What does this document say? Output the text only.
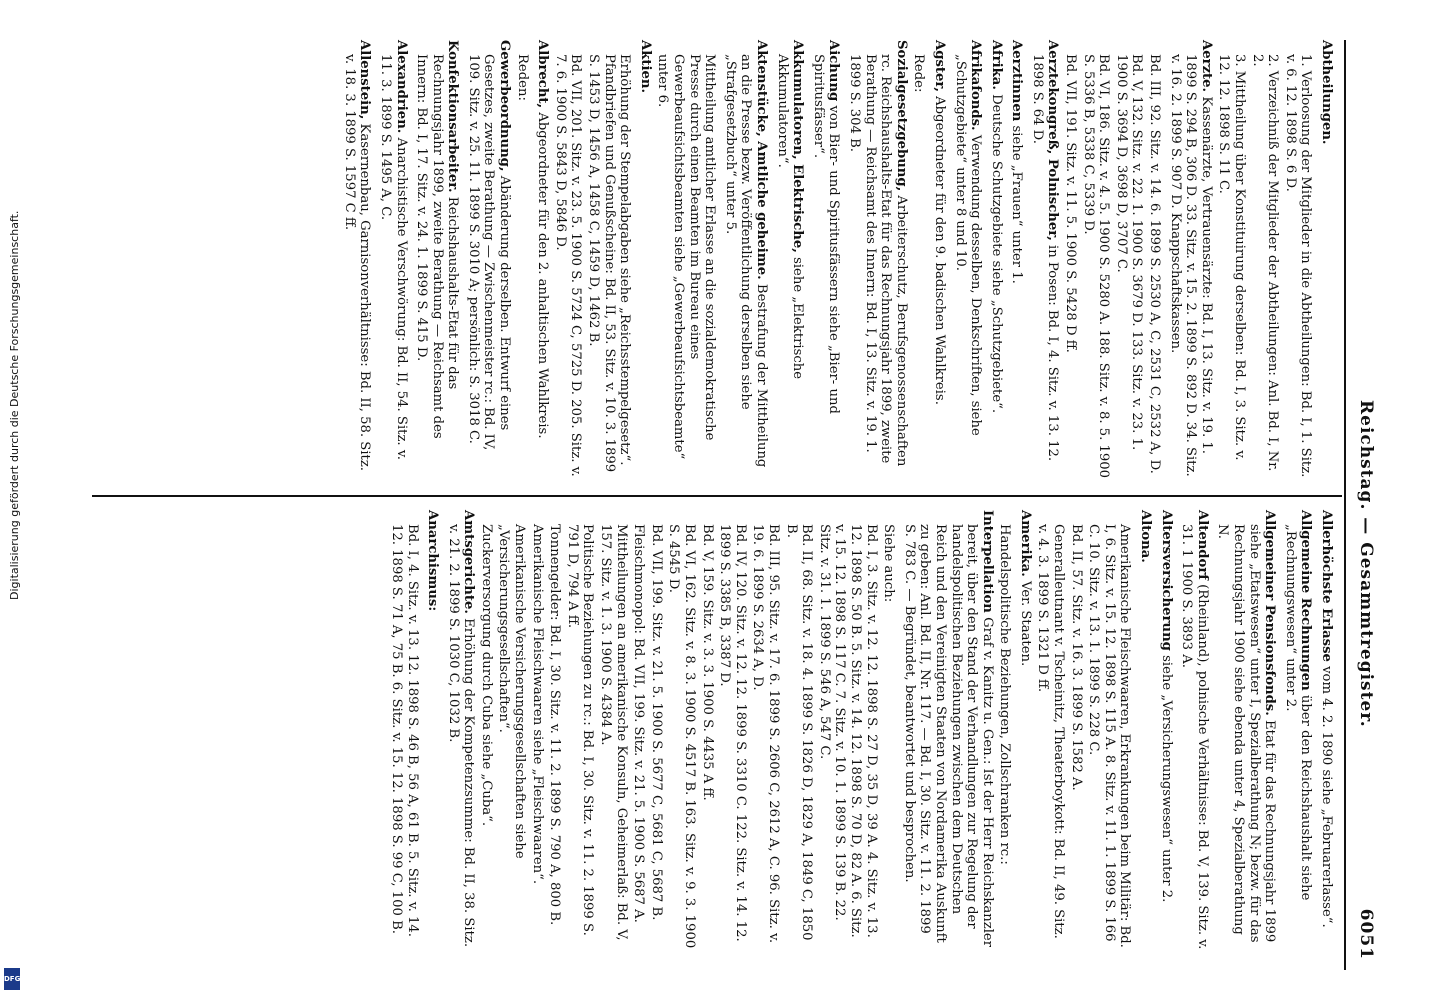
Reichstag. — Gesammtregister.
6051
Abtheilungen.
1. Verloosung der Mitglieder in die Abtheilungen: Bd. I, 1. Sitz. v. 6. 12. 1898 S. 6 D.
2. Verzeichniß der Mitglieder der Abtheilungen: Anl. Bd. I, Nr. 2.
3. Mittheilung über Konstituirung derselben: Bd. I, 3. Sitz. v. 12. 12. 1898 S. 11 C.
Aerzte. Kassenärzte, Vertrauensärzte: Bd. I, 13. Sitz. v. 19. 1. 1899 S. 294 B, 306 D. 33. Sitz. v. 15. 2. 1899 S. 892 D. 34. Sitz. v. 16. 2. 1899 S. 907 D. Knappschaftskassen.
Bd. III, 92. Sitz. v. 14. 6. 1899 S. 2530 A, C, 2531 C, 2532 A, D.
Bd. V, 132. Sitz. v. 22. 1. 1900 S. 3679 D. 133. Sitz. v. 23. 1. 1900 S. 3694 D, 3698 D, 3707 C.
Bd. VI, 186. Sitz. v. 4. 5. 1900 S. 5280 A. 188. Sitz. v. 8. 5. 1900 S. 5336 B, 5338 C, 5339 D.
Bd. VII, 191. Sitz. v. 11. 5. 1900 S. 5428 D ff.
Aerztekongreß, Polnischer, in Posen: Bd. I, 4. Sitz. v. 13. 12. 1898 S. 64 D.
Aerztinnen siehe „Frauen“ unter 1.
Afrika. Deutsche Schutzgebiete siehe „Schutzgebiete“.
Afrikafonds. Verwendung desselben, Denkschriften, siehe „Schutzgebiete“ unter 8 und 10.
Agster, Abgeordneter für den 9. badischen Wahlkreis.
Rede:
Sozialgesetzgebung, Arbeiterschutz, Berufsgenossenschaften rc. Reichshaushalts-Etat für das Rechnungsjahr 1899, zweite Berathung — Reichsamt des Innern: Bd. I, 13. Sitz. v. 19. 1. 1899 S. 304 B.
Aichung von Bier- und Spiritusfässern siehe „Bier- und Spiritusfässer“.
Akkumulatoren, Elektrische, siehe „Elektrische Akkumulatoren“.
Aktenstücke, Amtliche geheime. Bestrafung der Mittheilung an die Presse bezw. Veröffentlichung derselben siehe „Strafgesetzbuch“ unter 5.
Mittheilung amtlicher Erlasse an die sozialdemokratische Presse durch einen Beamten im Bureau eines Gewerbeaufsichtsbeamten siehe „Gewerbeaufsichtsbeamte“ unter 6.
Aktien.
Erhöhung der Stempelabgaben siehe „Reichsstempelgesetz“. Pfandbriefen und Genußscheine: Bd. II, 53. Sitz. v. 10. 3. 1899 S. 1453 D, 1456 A, 1458 C, 1459 D, 1462 B.
Bd. VII, 201. Sitz. v. 23. 5. 1900 S. 5724 C, 5725 D. 205. Sitz. v. 7. 6. 1900 S. 5843 D, 5846 D.
Albrecht, Abgeordneter für den 2. anhaltischen Wahlkreis.
Reden:
Gewerbeordnung, Abänderung derselben. Entwurf eines Gesetzes, zweite Berathung — Zwischenmeister rc.: Bd. IV, 109. Sitz. v. 25. 11. 1899 S. 3010 A; persönlich: S. 3018 C.
Konfektionsarbeiter. Reichshaushalts-Etat für das Rechnungsjahr 1899, zweite Berathung — Reichsamt des Innern: Bd. I, 17. Sitz. v. 24. 1. 1899 S. 415 D.
Alexandrien. Anarchistische Verschwörung: Bd. II, 54. Sitz. v. 11. 3. 1899 S. 1495 A, C.
Allenstein, Kasernenbau, Garnisonverhältnisse: Bd. II, 58. Sitz. v. 18. 3. 1899 S. 1597 C ff.
Allerhöchste Erlasse vom 4. 2. 1890 siehe „Februarerlasse“.
Allgemeine Rechnungen über den Reichshaushalt siehe „Rechnungswesen“ unter 2.
Allgemeiner Pensionsfonds. Etat für das Rechnungsjahr 1899 siehe „Etatswesen“ unter I, Spezialberathung N; bezw. für das Rechnungsjahr 1900 siehe ebenda unter 4, Spezialberathung N.
Altendorf (Rheinland), polnische Verhältnisse: Bd. V, 139. Sitz. v. 31. 1 1900 S. 3893 A.
Altersversicherung siehe „Versicherungswesen“ unter 2.
Altona.
Amerikanische Fleischwaaren, Erkrankungen beim Militär: Bd. I, 6. Sitz. v. 15. 12. 1898 S. 115 A. 8. Sitz. v. 11. 1. 1899 S. 166 C. 10. Sitz. v. 13. 1. 1899 S. 228 C.
Bd. II, 57. Sitz. v. 16. 3. 1899 S. 1582 A.
Generalleutnant v. Tscheinitz, Theaterboykott: Bd. II, 49. Sitz. v. 4. 3. 1899 S. 1321 D ff.
Amerika. Ver. Staaten.
Handelspolitische Beziehungen, Zollschranken rc.:
Interpellation Graf v. Kanitz u. Gen.: Ist der Herr Reichskanzler bereit, über den Stand der Verhandlungen zur Regelung der handelspolitischen Beziehungen zwischen dem Deutschen Reich und den Vereinigten Staaten von Nordamerika Auskunft zu geben: Anl. Bd. II, Nr. 117. — Bd. I, 30. Sitz. v. 11. 2. 1899 S. 783 C. — Begründet, beantwortet und besprochen.
Siehe auch:
Bd. I, 3. Sitz. v. 12. 12. 1898 S. 27 D, 35 D, 39 A. 4. Sitz. v. 13. 12. 1898 S. 50 B. 5. Sitz. v. 14. 12. 1898 S. 70 D, 82 A. 6. Sitz. v. 15. 12. 1898 S. 117 C. 7. Sitz. v. 10. 1. 1899 S. 139 B. 22. Sitz. v. 31. 1. 1899 S. 546 A, 547 C.
Bd. II, 68. Sitz. v. 18. 4. 1899 S. 1826 D, 1829 A, 1849 C, 1850 B.
Bd. III, 95. Sitz. v. 17. 6. 1899 S. 2606 C, 2612 A, C. 96. Sitz. v. 19. 6. 1899 S. 2634 A, D.
Bd. IV, 120. Sitz. v. 12. 12. 1899 S. 3310 C. 122. Sitz. v. 14. 12. 1899 S. 3385 B, 3387 D.
Bd. V, 159. Sitz. v. 3. 3. 1900 S. 4435 A ff.
Bd. VI, 162. Sitz. v. 8. 3. 1900 S. 4517 B. 163. Sitz. v. 9. 3. 1900 S. 4545 D.
Bd. VII, 199. Sitz. v. 21. 5. 1900 S. 5677 C, 5681 C, 5687 B.
Fleischmonopol: Bd. VII, 199. Sitz. v. 21. 5. 1900 S. 5687 A.
Mittheilungen an amerikanische Konsuln, Geheimerlaß: Bd. V, 157. Sitz. v. 1. 3. 1900 S. 4384 A.
Politische Beziehungen zu rc.: Bd. I, 30. Sitz. v. 11. 2. 1899 S. 791 D, 794 A ff.
Tonnengelder: Bd. I, 30. Sitz. v. 11. 2. 1899 S. 790 A, 800 B.
Amerikanische Fleischwaaren siehe „Fleischwaaren“.
Amerikanische Versicherungsgesellschaften siehe „Versicherungsgesellschaften“.
Zuckerversorgung durch Cuba siehe „Cuba“.
Amtsgerichte. Erhöhung der Kompetenzsumme: Bd. II, 38. Sitz. v. 21. 2. 1899 S. 1030 C, 1032 B.
Anarchismus:
Bd. I, 4. Sitz. v. 13. 12. 1898 S. 46 B, 56 A, 61 B. 5. Sitz. v. 14. 12. 1898 S. 71 A, 75 B. 6. Sitz. v. 15. 12. 1898 S. 99 C, 100 B.
Digitalisierung gefördert durch die Deutsche Forschungsgemeinschaft.
DFG
